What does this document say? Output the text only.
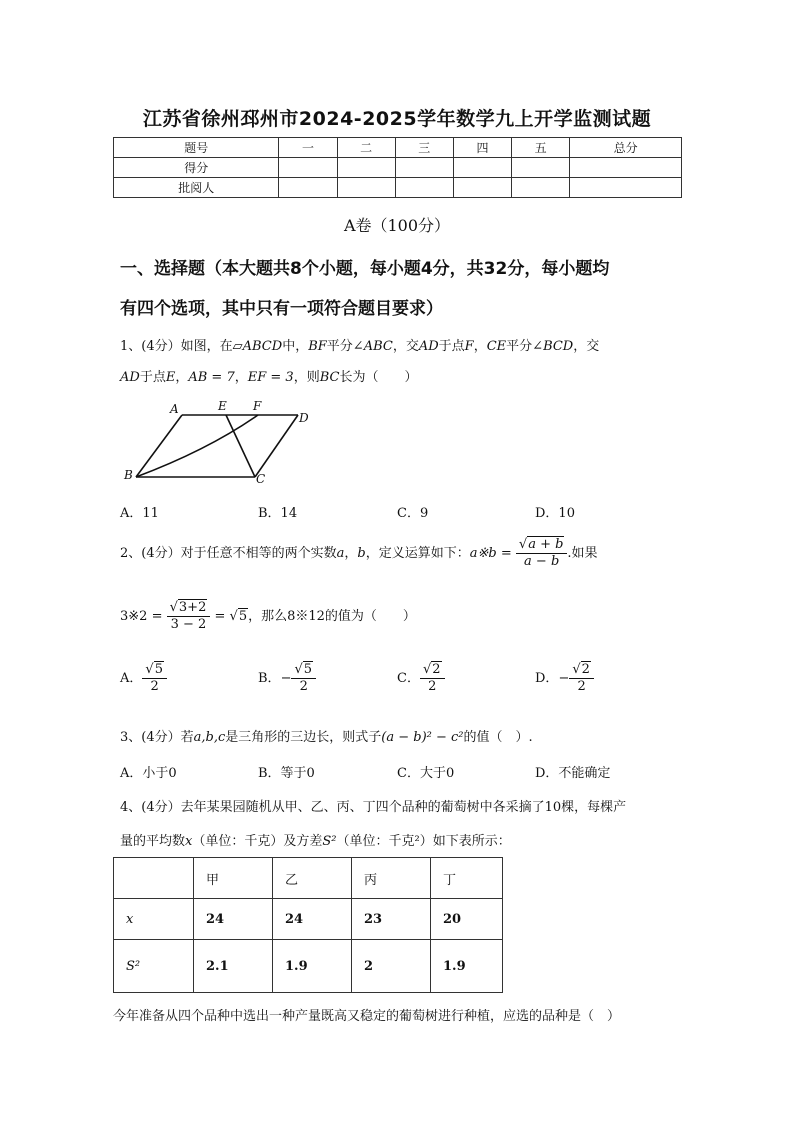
江苏省徐州邳州市2024-2025学年数学九上开学监测试题
题号	一	二	三	四	五	总分
得分						
批阅人						
A卷（100分）
一、选择题（本大题共8个小题，每小题4分，共32分，每小题均
有四个选项，其中只有一项符合题目要求）
1、(4分）如图，在▱ABCD中，BF平分∠ABC，交AD于点F，CE平分∠BCD，交
AD于点E，AB = 7，EF = 3，则BC长为（　　）
A	E F
D
B	C
A．11	B．14	C．9	D．10
2、(4分）对于任意不相等的两个实数a，b，定义运算如下：a※b = $\frac{√a + b}{a - b}$ .如果
3※2 = $\frac{√3+2}{3 - 2} = √5$，那么8※12的值为（　　）
A． $\frac{√5}{2}$	B．− $\frac{√5}{2}$	C． $\frac{√2}{2}$	D．− $\frac{√2}{2}$
3、(4分）若a,b,c是三角形的三边长，则式子(a − b)² − c²的值（　）.
A．小于0	B．等于0	C．大于0	D．不能确定
4、(4分）去年某果园随机从甲、乙、丙、丁四个品种的葡萄树中各采摘了10棵，每棵产
量的平均数x（单位：千克）及方差S²（单位：千克²）如下表所示：
	甲	乙	丙	丁
x	24	24	23	20
S²	2.1	1.9	2	1.9
今年准备从四个品种中选出一种产量既高又稳定的葡萄树进行种植，应选的品种是（　）
